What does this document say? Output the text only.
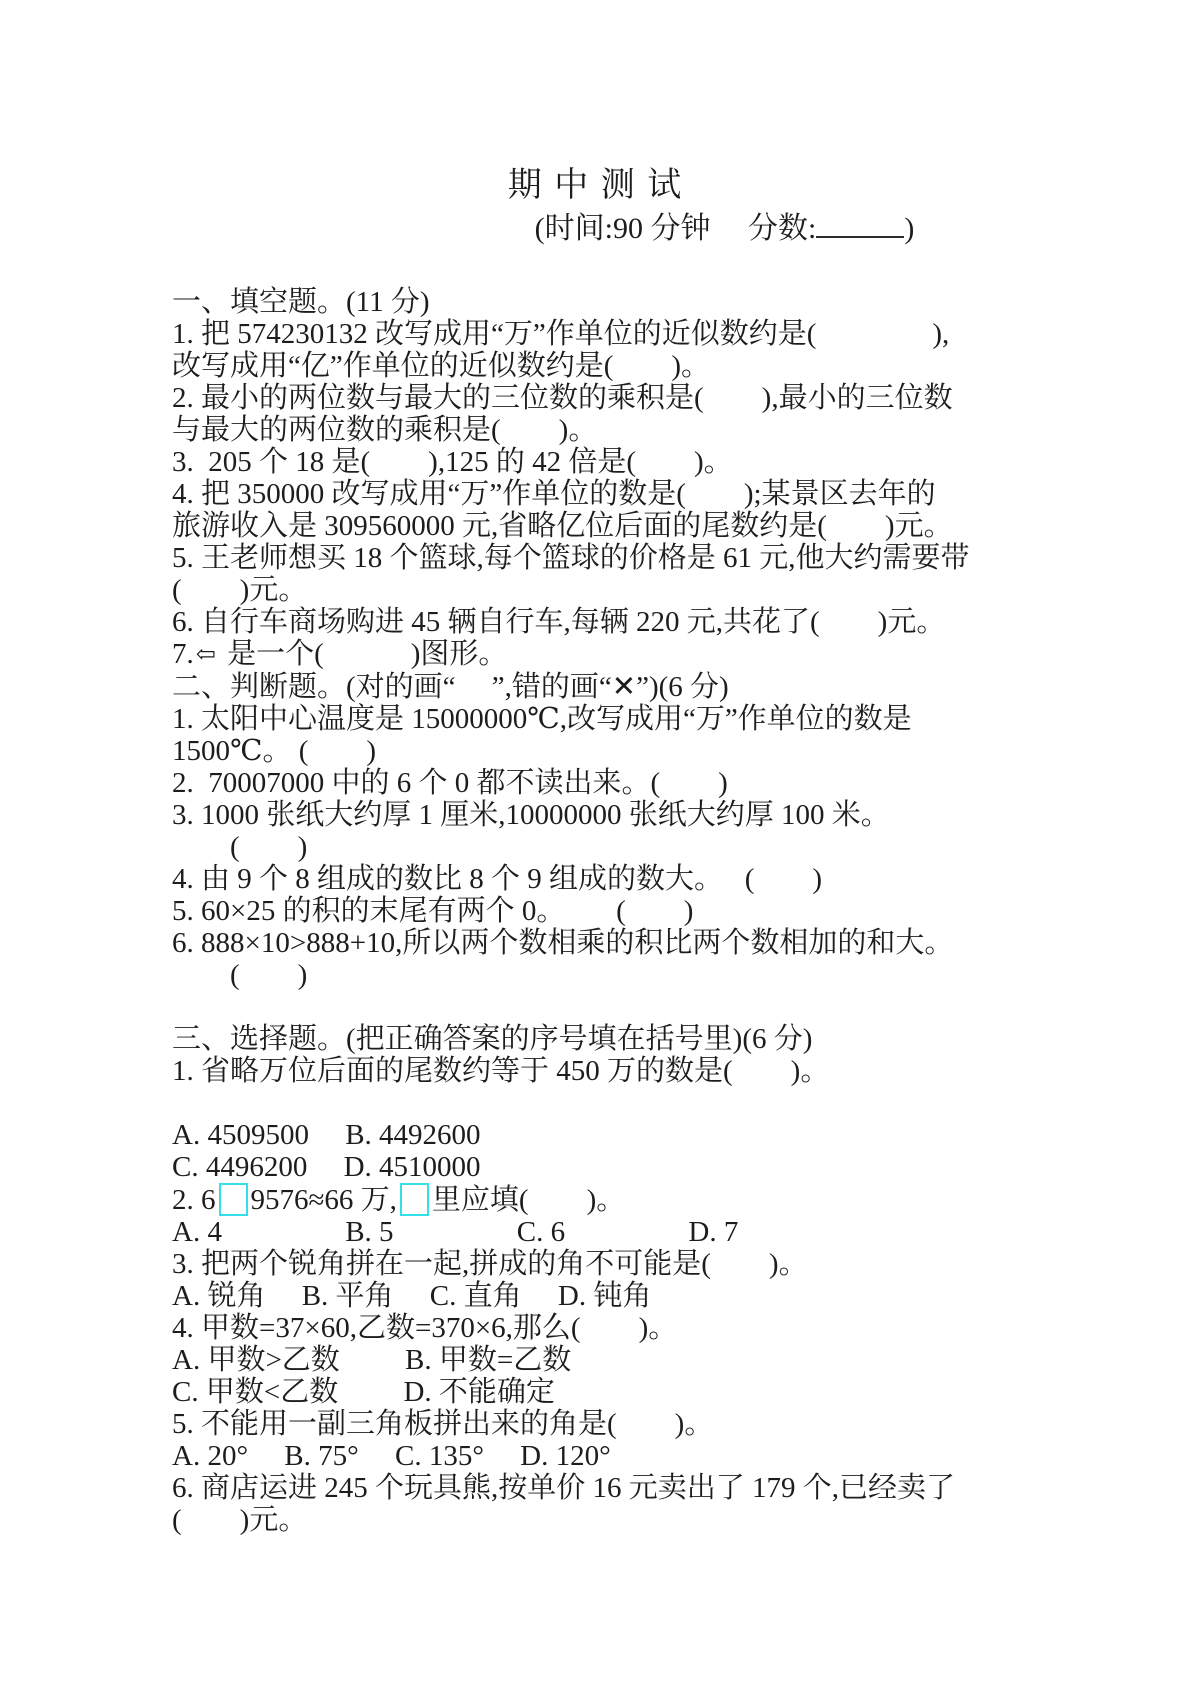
期 中 测 试
(时间:90 分钟　 分数:	)
一、填空题。(11 分)
1. 把 574230132 改写成用“万”作单位的近似数约是(　　　　),
改写成用“亿”作单位的近似数约是(　　)。
2. 最小的两位数与最大的三位数的乘积是(　　),最小的三位数
与最大的两位数的乘积是(　　)。
3.  205 个 18 是(　　),125 的 42 倍是(　　)。
4. 把 350000 改写成用“万”作单位的数是(　　);某景区去年的
旅游收入是 309560000 元,省略亿位后面的尾数约是(　　)元。
5. 王老师想买 18 个篮球,每个篮球的价格是 61 元,他大约需要带
(　　)元。
6. 自行车商场购进 45 辆自行车,每辆 220 元,共花了(　　)元。
7.⇦ 是一个(　　　)图形。
二、判断题。(对的画“　 ”,错的画“✕”)(6 分)
1. 太阳中心温度是 15000000℃,改写成用“万”作单位的数是
1500℃。 (　　)
2.  70007000 中的 6 个 0 都不读出来。(　　)
3. 1000 张纸大约厚 1 厘米,10000000 张纸大约厚 100 米。
　　(　　)
4. 由 9 个 8 组成的数比 8 个 9 组成的数大。　 (　　)
5. 60×25 的积的末尾有两个 0。　　 (　　)
6. 888×10>888+10,所以两个数相乘的积比两个数相加的和大。
　　(　　)
三、选择题。(把正确答案的序号填在括号里)(6 分)
1. 省略万位后面的尾数约等于 450 万的数是(　　)。
A. 4509500　 B. 4492600
C. 4496200　 D. 4510000
2. 6 9576≈66 万, 里应填(　　)。
A. 4　　　　 B. 5　　　　 C. 6　　　　 D. 7
3. 把两个锐角拼在一起,拼成的角不可能是(　　)。
A. 锐角　 B. 平角　 C. 直角　 D. 钝角
4. 甲数=37×60,乙数=370×6,那么(　　)。
A. 甲数>乙数　　 B. 甲数=乙数
C. 甲数<乙数　　 D. 不能确定
5. 不能用一副三角板拼出来的角是(　　)。
A. 20°　 B. 75°　 C. 135°　 D. 120°
6. 商店运进 245 个玩具熊,按单价 16 元卖出了 179 个,已经卖了
(　　)元。
